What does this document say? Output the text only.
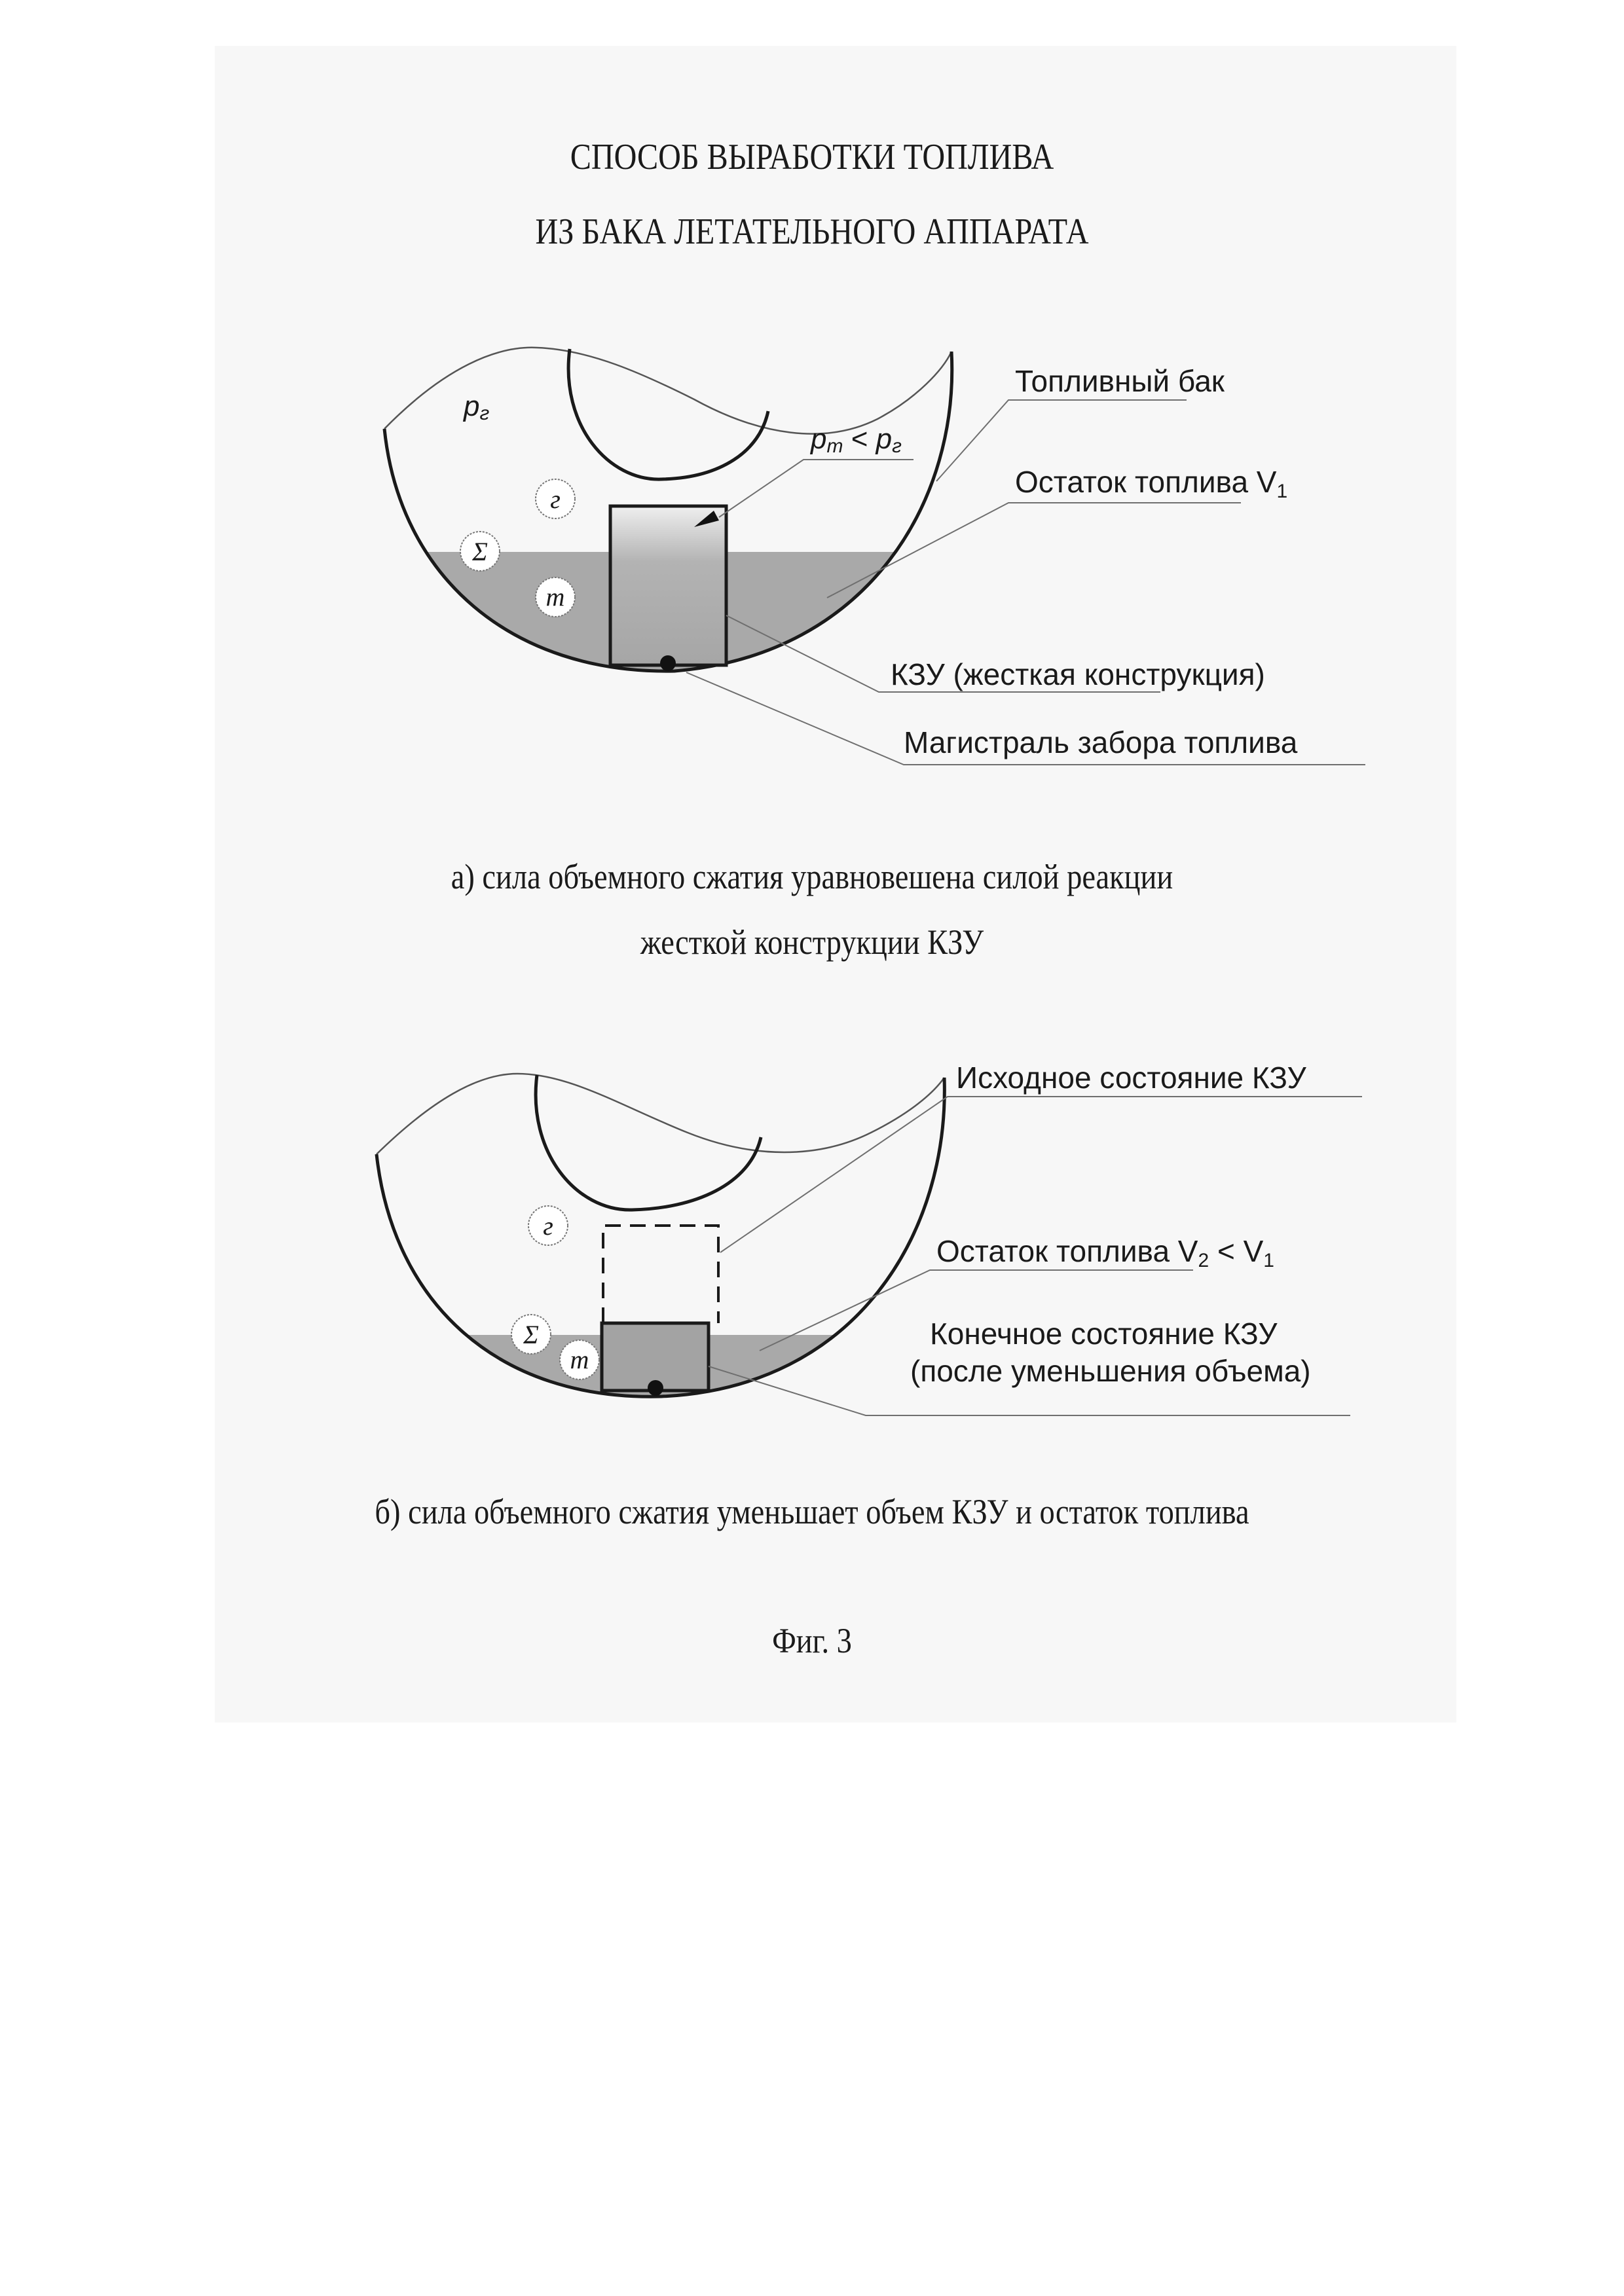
СПОСОБ ВЫРАБОТКИ ТОПЛИВА
ИЗ БАКА ЛЕТАТЕЛЬНОГО АППАРАТА
г
Σ
m
pг
pт < pг
Топливный бак
Остаток топлива V1
КЗУ (жесткая конструкция)
Магистраль забора топлива
а) сила объемного сжатия уравновешена силой реакции
жесткой конструкции КЗУ
г
Σ
m
Исходное состояние КЗУ
Остаток топлива V2 < V1
Конечное состояние КЗУ
(после уменьшения объема)
б) сила объемного сжатия уменьшает объем КЗУ и остаток топлива
Фиг. 3
